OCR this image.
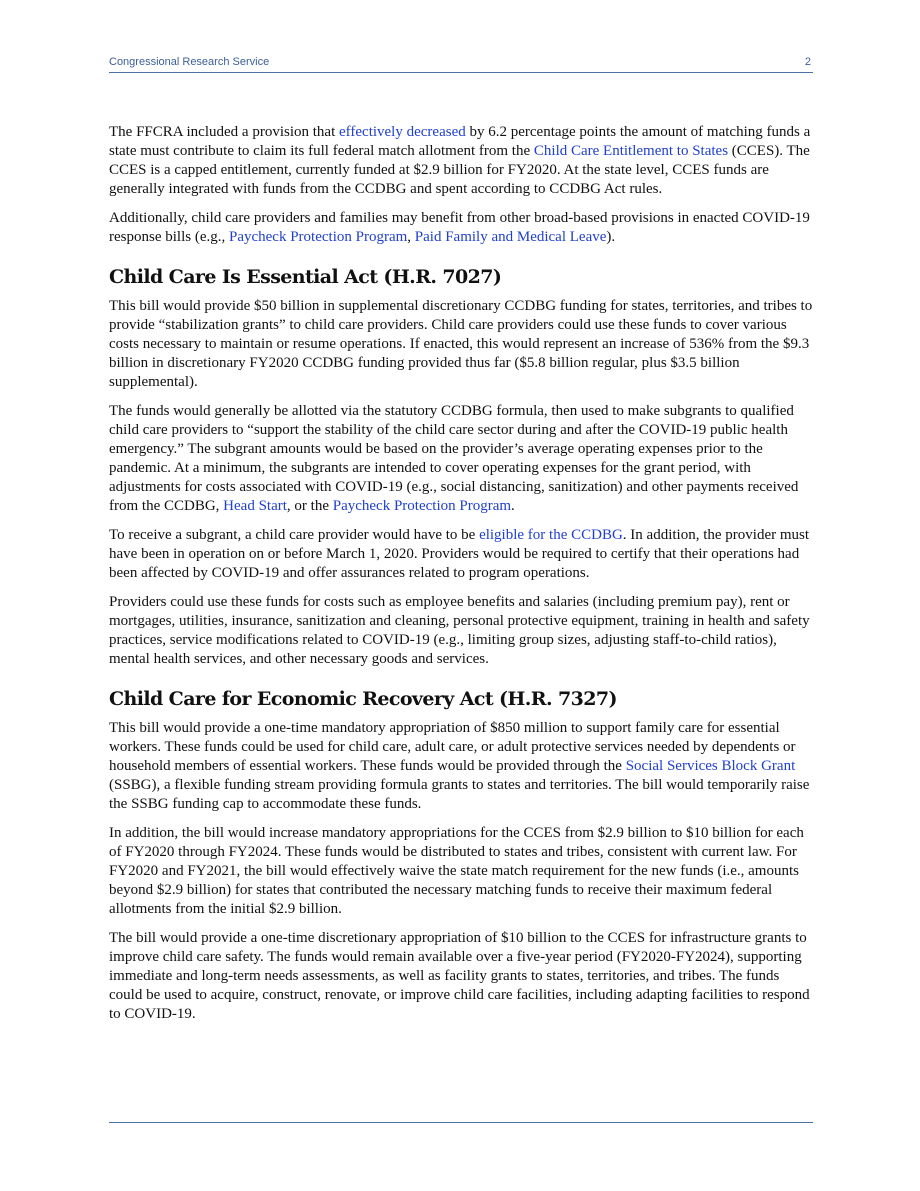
Congressional Research Service	2

The FFCRA included a provision that effectively decreased by 6.2 percentage points the amount of matching funds a state must contribute to claim its full federal match allotment from the Child Care Entitlement to States (CCES). The CCES is a capped entitlement, currently funded at $2.9 billion for FY2020. At the state level, CCES funds are generally integrated with funds from the CCDBG and spent according to CCDBG Act rules.

Additionally, child care providers and families may benefit from other broad-based provisions in enacted COVID-19 response bills (e.g., Paycheck Protection Program, Paid Family and Medical Leave).

Child Care Is Essential Act (H.R. 7027)

This bill would provide $50 billion in supplemental discretionary CCDBG funding for states, territories, and tribes to provide “stabilization grants” to child care providers. Child care providers could use these funds to cover various costs necessary to maintain or resume operations. If enacted, this would represent an increase of 536% from the $9.3 billion in discretionary FY2020 CCDBG funding provided thus far ($5.8 billion regular, plus $3.5 billion supplemental).

The funds would generally be allotted via the statutory CCDBG formula, then used to make subgrants to qualified child care providers to “support the stability of the child care sector during and after the COVID-19 public health emergency.” The subgrant amounts would be based on the provider’s average operating expenses prior to the pandemic. At a minimum, the subgrants are intended to cover operating expenses for the grant period, with adjustments for costs associated with COVID-19 (e.g., social distancing, sanitization) and other payments received from the CCDBG, Head Start, or the Paycheck Protection Program.

To receive a subgrant, a child care provider would have to be eligible for the CCDBG. In addition, the provider must have been in operation on or before March 1, 2020. Providers would be required to certify that their operations had been affected by COVID-19 and offer assurances related to program operations.

Providers could use these funds for costs such as employee benefits and salaries (including premium pay), rent or mortgages, utilities, insurance, sanitization and cleaning, personal protective equipment, training in health and safety practices, service modifications related to COVID-19 (e.g., limiting group sizes, adjusting staff-to-child ratios), mental health services, and other necessary goods and services.

Child Care for Economic Recovery Act (H.R. 7327)

This bill would provide a one-time mandatory appropriation of $850 million to support family care for essential workers. These funds could be used for child care, adult care, or adult protective services needed by dependents or household members of essential workers. These funds would be provided through the Social Services Block Grant (SSBG), a flexible funding stream providing formula grants to states and territories. The bill would temporarily raise the SSBG funding cap to accommodate these funds.

In addition, the bill would increase mandatory appropriations for the CCES from $2.9 billion to $10 billion for each of FY2020 through FY2024. These funds would be distributed to states and tribes, consistent with current law. For FY2020 and FY2021, the bill would effectively waive the state match requirement for the new funds (i.e., amounts beyond $2.9 billion) for states that contributed the necessary matching funds to receive their maximum federal allotments from the initial $2.9 billion.

The bill would provide a one-time discretionary appropriation of $10 billion to the CCES for infrastructure grants to improve child care safety. The funds would remain available over a five-year period (FY2020-FY2024), supporting immediate and long-term needs assessments, as well as facility grants to states, territories, and tribes. The funds could be used to acquire, construct, renovate, or improve child care facilities, including adapting facilities to respond to COVID-19.
